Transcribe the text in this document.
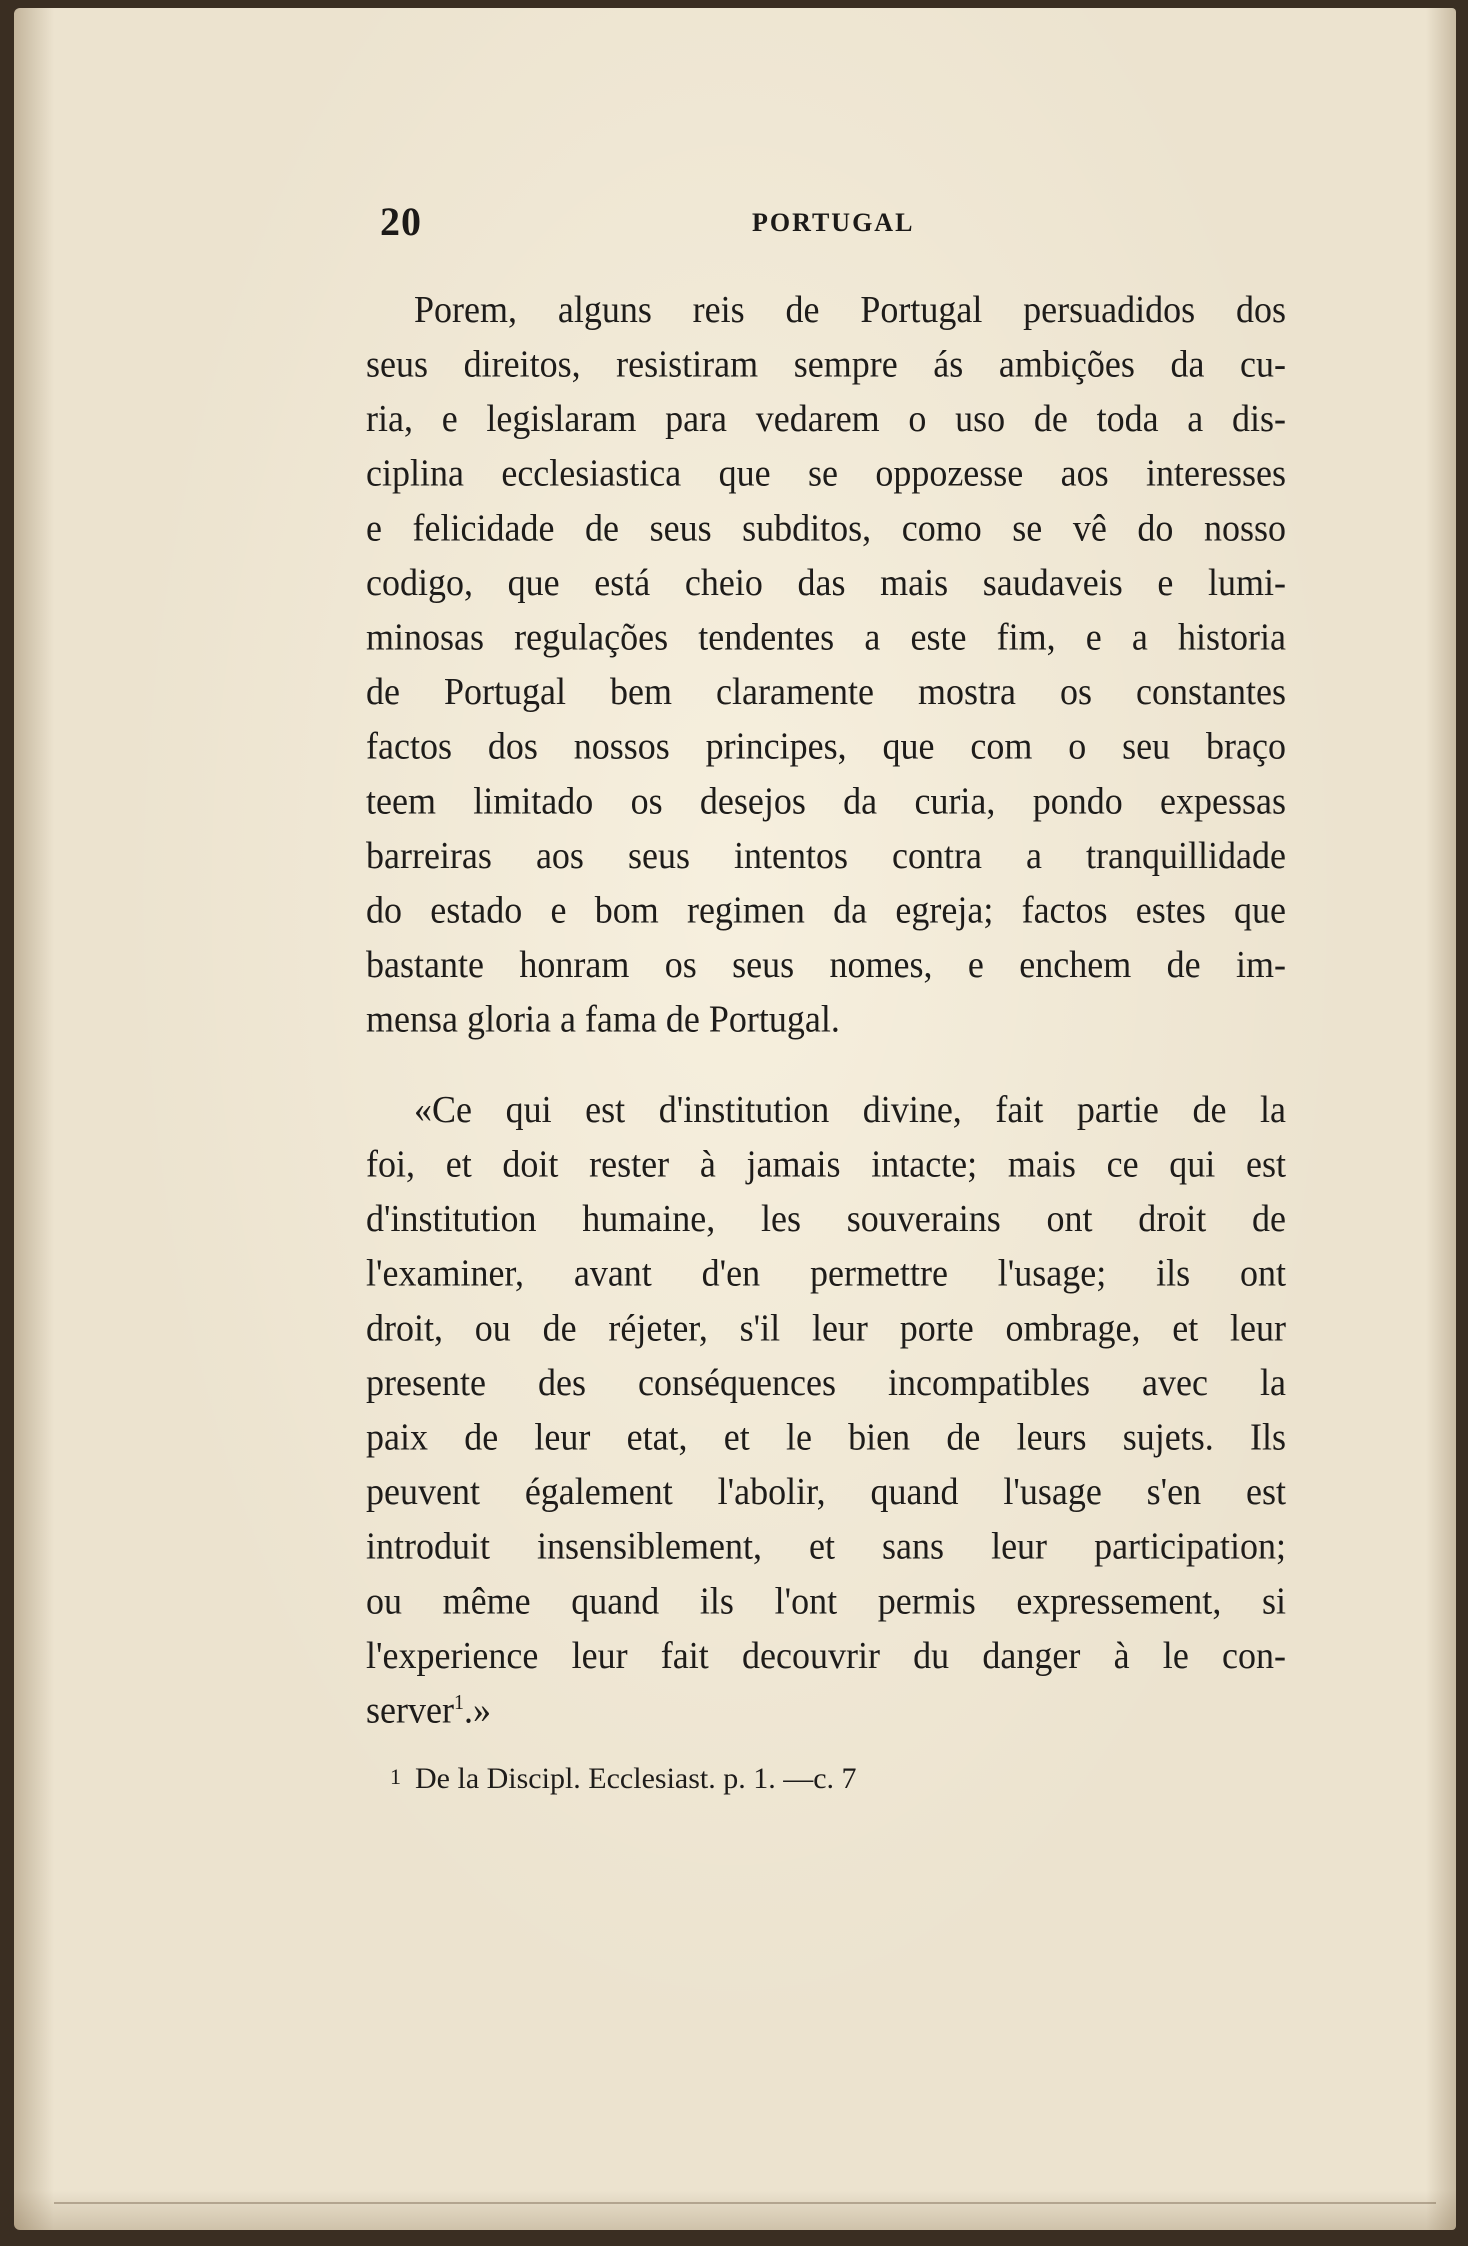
20	PORTUGAL
Porem, alguns reis de Portugal persuadidos dos
seus direitos, resistiram sempre ás ambições da cu-
ria, e legislaram para vedarem o uso de toda a dis-
ciplina ecclesiastica que se oppozesse aos interesses
e felicidade de seus subditos, como se vê do nosso
codigo, que está cheio das mais saudaveis e lumi-
minosas regulações tendentes a este fim, e a historia
de Portugal bem claramente mostra os constantes
factos dos nossos principes, que com o seu braço
teem limitado os desejos da curia, pondo expessas
barreiras aos seus intentos contra a tranquillidade
do estado e bom regimen da egreja; factos estes que
bastante honram os seus nomes, e enchem de im-
mensa gloria a fama de Portugal.
«Ce qui est d'institution divine, fait partie de la
foi, et doit rester à jamais intacte; mais ce qui est
d'institution humaine, les souverains ont droit de
l'examiner, avant d'en permettre l'usage; ils ont
droit, ou de réjeter, s'il leur porte ombrage, et leur
presente des conséquences incompatibles avec la
paix de leur etat, et le bien de leurs sujets. Ils
peuvent également l'abolir, quand l'usage s'en est
introduit insensiblement, et sans leur participation;
ou même quand ils l'ont permis expressement, si
l'experience leur fait decouvrir du danger à le con-
server$^1$.»
1 De la Discipl. Ecclesiast. p. 1. —c. 7
